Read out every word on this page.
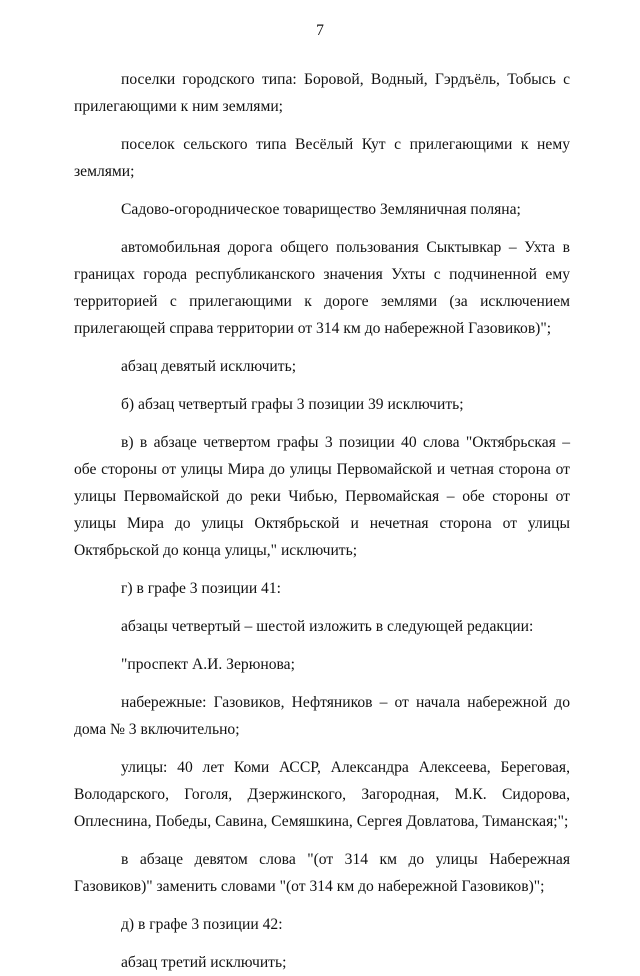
7

поселки городского типа: Боровой, Водный, Гэрдъёль, Тобысь с прилегающими к ним землями;

поселок сельского типа Весёлый Кут с прилегающими к нему землями;

Садово-огородническое товарищество Земляничная поляна;

автомобильная дорога общего пользования Сыктывкар – Ухта в границах города республиканского значения Ухты с подчиненной ему территорией с прилегающими к дороге землями (за исключением прилегающей справа территории от 314 км до набережной Газовиков)";

абзац девятый исключить;

б) абзац четвертый графы 3 позиции 39 исключить;

в) в абзаце четвертом графы 3 позиции 40 слова "Октябрьская – обе стороны от улицы Мира до улицы Первомайской и четная сторона от улицы Первомайской до реки Чибью, Первомайская – обе стороны от улицы Мира до улицы Октябрьской и нечетная сторона от улицы Октябрьской до конца улицы," исключить;

г) в графе 3 позиции 41:

абзацы четвертый – шестой изложить в следующей редакции:

"проспект А.И. Зерюнова;

набережные: Газовиков, Нефтяников – от начала набережной до дома № 3 включительно;

улицы: 40 лет Коми АССР, Александра Алексеева, Береговая, Володарского, Гоголя, Дзержинского, Загородная, М.К. Сидорова, Оплеснина, Победы, Савина, Семяшкина, Сергея Довлатова, Тиманская;";

в абзаце девятом слова "(от 314 км до улицы Набережная Газовиков)" заменить словами "(от 314 км до набережной Газовиков)";

д) в графе 3 позиции 42:

абзац третий исключить;
